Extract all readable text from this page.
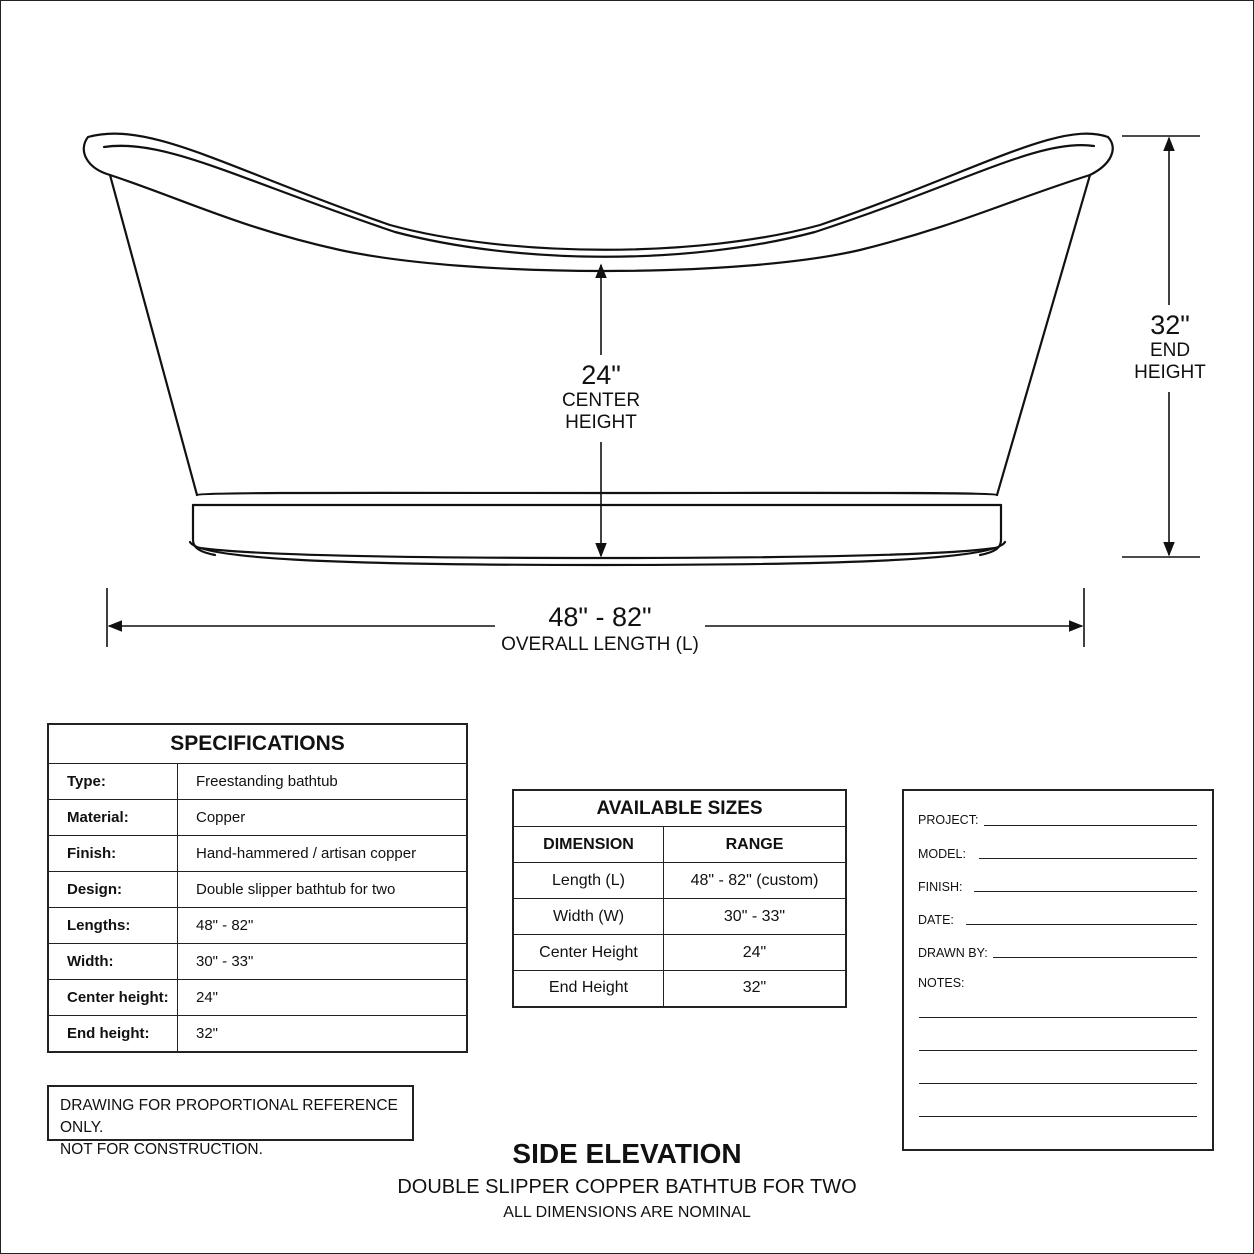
24"
CENTER
HEIGHT
32"
END
HEIGHT
48" - 82"
OVERALL LENGTH (L)
SPECIFICATIONS	
Type:	Freestanding bathtub
Material:	Copper
Finish:	Hand-hammered / artisan copper
Design:	Double slipper bathtub for two
Lengths:	48" - 82"
Width:	30" - 33"
Center height:	24"
End height:	32"
AVAILABLE SIZES	
DIMENSION	RANGE
Length (L)	48" - 82" (custom)
Width (W)	30" - 33"
Center Height	24"
End Height	32"
DRAWING FOR PROPORTIONAL REFERENCE ONLY.
NOT FOR CONSTRUCTION.
PROJECT:
MODEL:
FINISH:
DATE:
DRAWN BY:
NOTES:
SIDE ELEVATION
DOUBLE SLIPPER COPPER BATHTUB FOR TWO
ALL DIMENSIONS ARE NOMINAL
